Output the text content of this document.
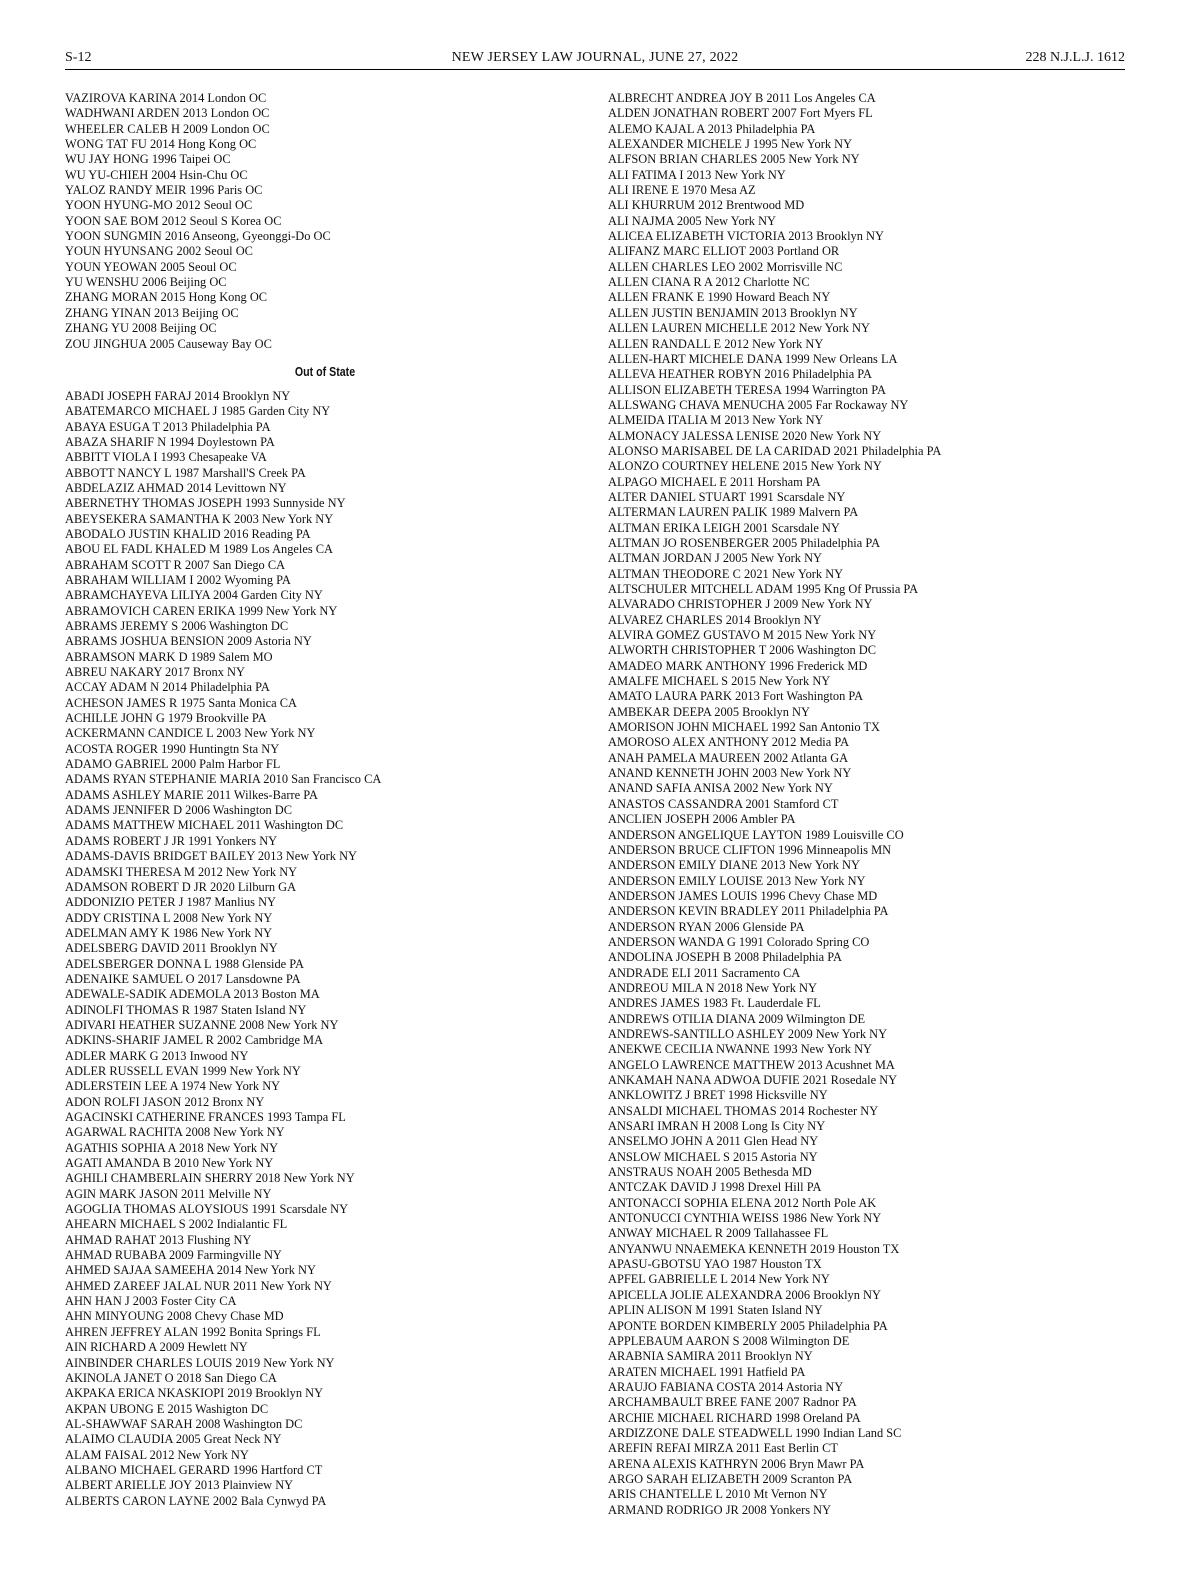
S-12	NEW JERSEY LAW JOURNAL, JUNE 27, 2022	228 N.J.L.J. 1612
VAZIROVA KARINA 2014 London OC
WADHWANI ARDEN 2013 London OC
WHEELER CALEB H 2009 London OC
WONG TAT FU 2014 Hong Kong OC
WU JAY HONG 1996 Taipei OC
WU YU-CHIEH 2004 Hsin-Chu OC
YALOZ RANDY MEIR 1996 Paris OC
YOON HYUNG-MO 2012 Seoul OC
YOON SAE BOM 2012 Seoul S Korea OC
YOON SUNGMIN 2016 Anseong, Gyeonggi-Do OC
YOUN HYUNSANG 2002 Seoul OC
YOUN YEOWAN 2005 Seoul OC
YU WENSHU 2006 Beijing OC
ZHANG MORAN 2015 Hong Kong OC
ZHANG YINAN 2013 Beijing OC
ZHANG YU 2008 Beijing OC
ZOU JINGHUA 2005 Causeway Bay OC
Out of State
ABADI JOSEPH FARAJ 2014 Brooklyn NY
ABATEMARCO MICHAEL J 1985 Garden City NY
ABAYA ESUGA T 2013 Philadelphia PA
ABAZA SHARIF N 1994 Doylestown PA
ABBITT VIOLA I 1993 Chesapeake VA
ABBOTT NANCY L 1987 Marshall'S Creek PA
ABDELAZIZ AHMAD 2014 Levittown NY
ABERNETHY THOMAS JOSEPH 1993 Sunnyside NY
ABEYSEKERA SAMANTHA K 2003 New York NY
ABODALO JUSTIN KHALID 2016 Reading PA
ABOU EL FADL KHALED M 1989 Los Angeles CA
ABRAHAM SCOTT R 2007 San Diego CA
ABRAHAM WILLIAM I 2002 Wyoming PA
ABRAMCHAYEVA LILIYA 2004 Garden City NY
ABRAMOVICH CAREN ERIKA 1999 New York NY
ABRAMS JEREMY S 2006 Washington DC
ABRAMS JOSHUA BENSION 2009 Astoria NY
ABRAMSON MARK D 1989 Salem MO
ABREU NAKARY 2017 Bronx NY
ACCAY ADAM N 2014 Philadelphia PA
ACHESON JAMES R 1975 Santa Monica CA
ACHILLE JOHN G 1979 Brookville PA
ACKERMANN CANDICE L 2003 New York NY
ACOSTA ROGER 1990 Huntingtn Sta NY
ADAMO GABRIEL 2000 Palm Harbor FL
ADAMS RYAN STEPHANIE MARIA 2010 San Francisco CA
ADAMS ASHLEY MARIE 2011 Wilkes-Barre PA
ADAMS JENNIFER D 2006 Washington DC
ADAMS MATTHEW MICHAEL 2011 Washington DC
ADAMS ROBERT J JR 1991 Yonkers NY
ADAMS-DAVIS BRIDGET BAILEY 2013 New York NY
ADAMSKI THERESA M 2012 New York NY
ADAMSON ROBERT D JR 2020 Lilburn GA
ADDONIZIO PETER J 1987 Manlius NY
ADDY CRISTINA L 2008 New York NY
ADELMAN AMY K 1986 New York NY
ADELSBERG DAVID 2011 Brooklyn NY
ADELSBERGER DONNA L 1988 Glenside PA
ADENAIKE SAMUEL O 2017 Lansdowne PA
ADEWALE-SADIK ADEMOLA 2013 Boston MA
ADINOLFI THOMAS R 1987 Staten Island NY
ADIVARI HEATHER SUZANNE 2008 New York NY
ADKINS-SHARIF JAMEL R 2002 Cambridge MA
ADLER MARK G 2013 Inwood NY
ADLER RUSSELL EVAN 1999 New York NY
ADLERSTEIN LEE A 1974 New York NY
ADON ROLFI JASON 2012 Bronx NY
AGACINSKI CATHERINE FRANCES 1993 Tampa FL
AGARWAL RACHITA 2008 New York NY
AGATHIS SOPHIA A 2018 New York NY
AGATI AMANDA B 2010 New York NY
AGHILI CHAMBERLAIN SHERRY 2018 New York NY
AGIN MARK JASON 2011 Melville NY
AGOGLIA THOMAS ALOYSIOUS 1991 Scarsdale NY
AHEARN MICHAEL S 2002 Indialantic FL
AHMAD RAHAT 2013 Flushing NY
AHMAD RUBABA 2009 Farmingville NY
AHMED SAJAA SAMEEHA 2014 New York NY
AHMED ZAREEF JALAL NUR 2011 New York NY
AHN HAN J 2003 Foster City CA
AHN MINYOUNG 2008 Chevy Chase MD
AHREN JEFFREY ALAN 1992 Bonita Springs FL
AIN RICHARD A 2009 Hewlett NY
AINBINDER CHARLES LOUIS 2019 New York NY
AKINOLA JANET O 2018 San Diego CA
AKPAKA ERICA NKASKIOPI 2019 Brooklyn NY
AKPAN UBONG E 2015 Washigton DC
AL-SHAWWAF SARAH 2008 Washington DC
ALAIMO CLAUDIA 2005 Great Neck NY
ALAM FAISAL 2012 New York NY
ALBANO MICHAEL GERARD 1996 Hartford CT
ALBERT ARIELLE JOY 2013 Plainview NY
ALBERTS CARON LAYNE 2002 Bala Cynwyd PA
ALBRECHT ANDREA JOY B 2011 Los Angeles CA
ALDEN JONATHAN ROBERT 2007 Fort Myers FL
ALEMO KAJAL A 2013 Philadelphia PA
ALEXANDER MICHELE J 1995 New York NY
ALFSON BRIAN CHARLES 2005 New York NY
ALI FATIMA I 2013 New York NY
ALI IRENE E 1970 Mesa AZ
ALI KHURRUM 2012 Brentwood MD
ALI NAJMA 2005 New York NY
ALICEA ELIZABETH VICTORIA 2013 Brooklyn NY
ALIFANZ MARC ELLIOT 2003 Portland OR
ALLEN CHARLES LEO 2002 Morrisville NC
ALLEN CIANA R A 2012 Charlotte NC
ALLEN FRANK E 1990 Howard Beach NY
ALLEN JUSTIN BENJAMIN 2013 Brooklyn NY
ALLEN LAUREN MICHELLE 2012 New York NY
ALLEN RANDALL E 2012 New York NY
ALLEN-HART MICHELE DANA 1999 New Orleans LA
ALLEVA HEATHER ROBYN 2016 Philadelphia PA
ALLISON ELIZABETH TERESA 1994 Warrington PA
ALLSWANG CHAVA MENUCHA 2005 Far Rockaway NY
ALMEIDA ITALIA M 2013 New York NY
ALMONACY JALESSA LENISE 2020 New York NY
ALONSO MARISABEL DE LA CARIDAD 2021 Philadelphia PA
ALONZO COURTNEY HELENE 2015 New York NY
ALPAGO MICHAEL E 2011 Horsham PA
ALTER DANIEL STUART 1991 Scarsdale NY
ALTERMAN LAUREN PALIK 1989 Malvern PA
ALTMAN ERIKA LEIGH 2001 Scarsdale NY
ALTMAN JO ROSENBERGER 2005 Philadelphia PA
ALTMAN JORDAN J 2005 New York NY
ALTMAN THEODORE C 2021 New York NY
ALTSCHULER MITCHELL ADAM 1995 Kng Of Prussia PA
ALVARADO CHRISTOPHER J 2009 New York NY
ALVAREZ CHARLES 2014 Brooklyn NY
ALVIRA GOMEZ GUSTAVO M 2015 New York NY
ALWORTH CHRISTOPHER T 2006 Washington DC
AMADEO MARK ANTHONY 1996 Frederick MD
AMALFE MICHAEL S 2015 New York NY
AMATO LAURA PARK 2013 Fort Washington PA
AMBEKAR DEEPA 2005 Brooklyn NY
AMORISON JOHN MICHAEL 1992 San Antonio TX
AMOROSO ALEX ANTHONY 2012 Media PA
ANAH PAMELA MAUREEN 2002 Atlanta GA
ANAND KENNETH JOHN 2003 New York NY
ANAND SAFIA ANISA 2002 New York NY
ANASTOS CASSANDRA 2001 Stamford CT
ANCLIEN JOSEPH 2006 Ambler PA
ANDERSON ANGELIQUE LAYTON 1989 Louisville CO
ANDERSON BRUCE CLIFTON 1996 Minneapolis MN
ANDERSON EMILY DIANE 2013 New York NY
ANDERSON EMILY LOUISE 2013 New York NY
ANDERSON JAMES LOUIS 1996 Chevy Chase MD
ANDERSON KEVIN BRADLEY 2011 Philadelphia PA
ANDERSON RYAN 2006 Glenside PA
ANDERSON WANDA G 1991 Colorado Spring CO
ANDOLINA JOSEPH B 2008 Philadelphia PA
ANDRADE ELI 2011 Sacramento CA
ANDREOU MILA N 2018 New York NY
ANDRES JAMES 1983 Ft. Lauderdale FL
ANDREWS OTILIA DIANA 2009 Wilmington DE
ANDREWS-SANTILLO ASHLEY 2009 New York NY
ANEKWE CECILIA NWANNE 1993 New York NY
ANGELO LAWRENCE MATTHEW 2013 Acushnet MA
ANKAMAH NANA ADWOA DUFIE 2021 Rosedale NY
ANKLOWITZ J BRET 1998 Hicksville NY
ANSALDI MICHAEL THOMAS 2014 Rochester NY
ANSARI IMRAN H 2008 Long Is City NY
ANSELMO JOHN A 2011 Glen Head NY
ANSLOW MICHAEL S 2015 Astoria NY
ANSTRAUS NOAH 2005 Bethesda MD
ANTCZAK DAVID J 1998 Drexel Hill PA
ANTONACCI SOPHIA ELENA 2012 North Pole AK
ANTONUCCI CYNTHIA WEISS 1986 New York NY
ANWAY MICHAEL R 2009 Tallahassee FL
ANYANWU NNAEMEKA KENNETH 2019 Houston TX
APASU-GBOTSU YAO 1987 Houston TX
APFEL GABRIELLE L 2014 New York NY
APICELLA JOLIE ALEXANDRA 2006 Brooklyn NY
APLIN ALISON M 1991 Staten Island NY
APONTE BORDEN KIMBERLY 2005 Philadelphia PA
APPLEBAUM AARON S 2008 Wilmington DE
ARABNIA SAMIRA 2011 Brooklyn NY
ARATEN MICHAEL 1991 Hatfield PA
ARAUJO FABIANA COSTA 2014 Astoria NY
ARCHAMBAULT BREE FANE 2007 Radnor PA
ARCHIE MICHAEL RICHARD 1998 Oreland PA
ARDIZZONE DALE STEADWELL 1990 Indian Land SC
AREFIN REFAI MIRZA 2011 East Berlin CT
ARENA ALEXIS KATHRYN 2006 Bryn Mawr PA
ARGO SARAH ELIZABETH 2009 Scranton PA
ARIS CHANTELLE L 2010 Mt Vernon NY
ARMAND RODRIGO JR 2008 Yonkers NY
